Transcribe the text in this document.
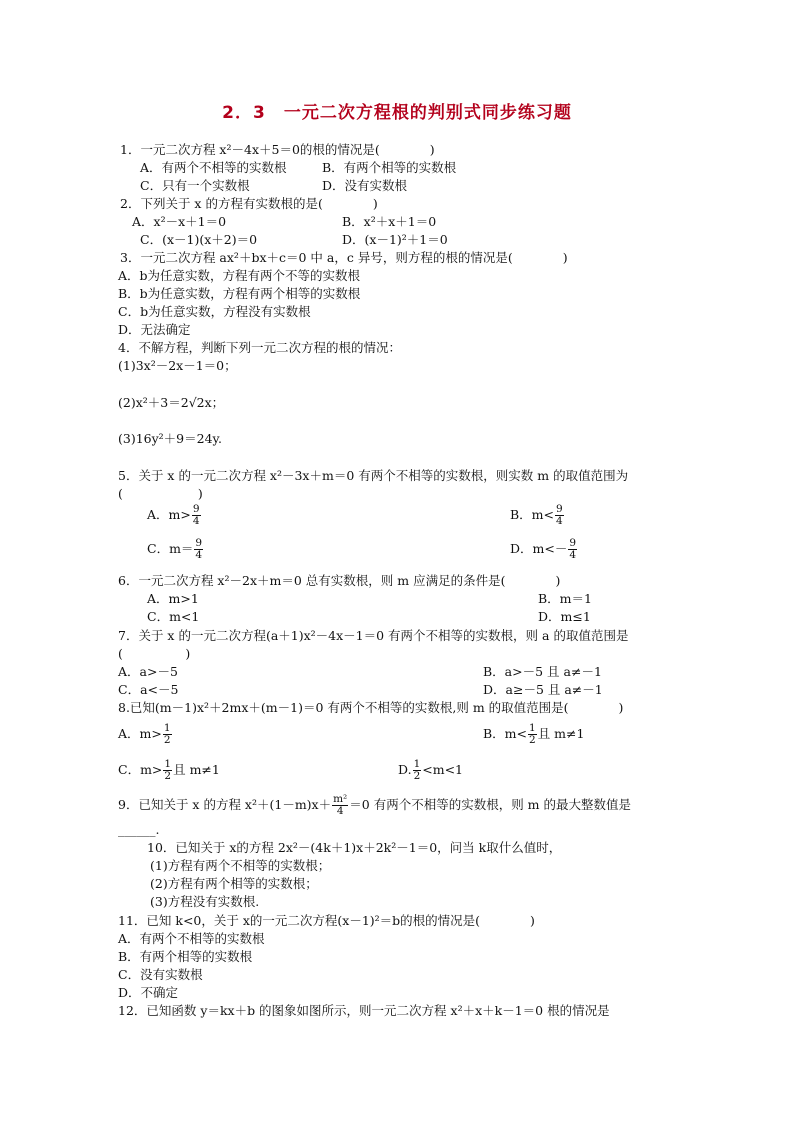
2．3　一元二次方程根的判别式同步练习题
1．一元二次方程 x²－4x＋5＝0的根的情况是(　　　　)
A．有两个不相等的实数根	B．有两个相等的实数根
C．只有一个实数根	D．没有实数根
2．下列关于 x 的方程有实数根的是(　　　　)
A．x²－x＋1＝0	B．x²＋x＋1＝0
C．(x－1)(x＋2)＝0	D．(x－1)²＋1＝0
3．一元二次方程 ax²＋bx＋c＝0 中 a，c 异号，则方程的根的情况是(　　　　)
A．b为任意实数，方程有两个不等的实数根
B．b为任意实数，方程有两个相等的实数根
C．b为任意实数，方程没有实数根
D．无法确定
4．不解方程，判断下列一元二次方程的根的情况：
(1)3x²－2x－1＝0；
(2)x²＋3＝2√2x；
(3)16y²＋9＝24y.
5．关于 x 的一元二次方程 x²－3x＋m＝0 有两个不相等的实数根，则实数 m 的取值范围为
(　　　　　　)
A．$m> \frac{9}{4}$	B．$m< \frac{9}{4}$
C．$m= \frac{9}{4}$	D．$m<- \frac{9}{4}$
6．一元二次方程 x²－2x＋m＝0 总有实数根，则 m 应满足的条件是(　　　　)
A．m>1	B．m＝1
C．m<1	D．m≤1
7．关于 x 的一元二次方程(a＋1)x²－4x－1＝0 有两个不相等的实数根，则 a 的取值范围是
(　　　　　)
A．a>－5	B．a>－5 且 a≠－1
C．a<－5	D．a≥－5 且 a≠－1
8.已知(m－1)x²＋2mx＋(m－1)＝0 有两个不相等的实数根,则 m 的取值范围是(　　　　)
A．$m> \frac{1}{2}$	B．$m< \frac{1}{2}$ 且 m≠1
C．$m> \frac{1}{2}$ 且 m≠1	D. $\frac{1}{2} <m<1$
9．已知关于 x 的方程 $x^2+(1-m)x+ \frac{\text{m²}}{4} =0$ 有两个不相等的实数根，则 m 的最大整数值是
______.
10．已知关于 x的方程 2x²－(4k＋1)x＋2k²－1＝0，问当 k取什么值时，
(1)方程有两个不相等的实数根；
(2)方程有两个相等的实数根；
(3)方程没有实数根.
11．已知 k<0，关于 x的一元二次方程(x－1)²＝b的根的情况是(　　　　)
A．有两个不相等的实数根
B．有两个相等的实数根
C．没有实数根
D．不确定
12．已知函数 y＝kx＋b 的图象如图所示，则一元二次方程 x²＋x＋k－1＝0 根的情况是
